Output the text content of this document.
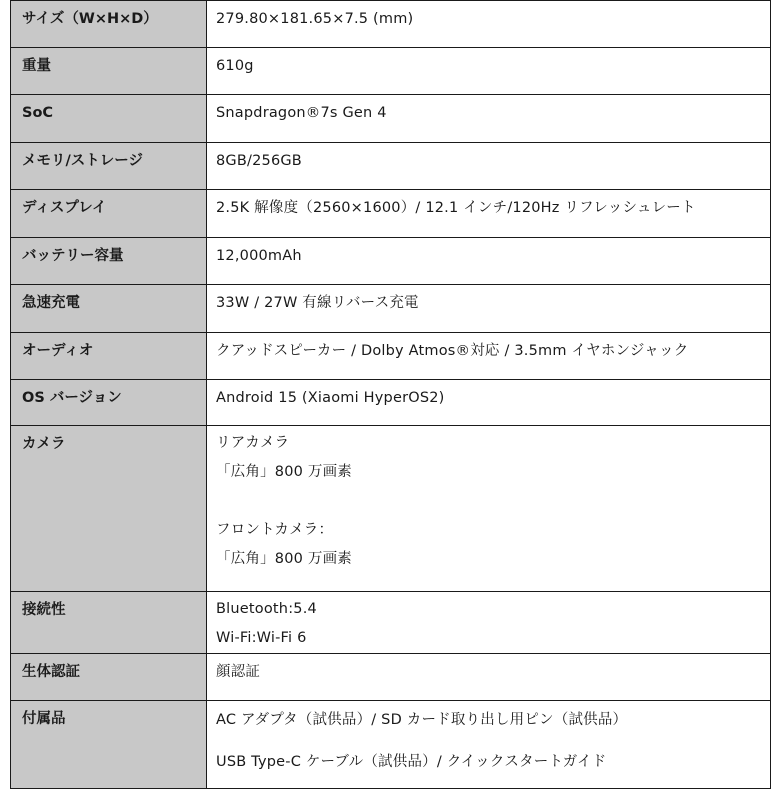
サイズ（W×H×D）	279.80×181.65×7.5 (mm)

重量	610g

SoC	Snapdragon®7s Gen 4

メモリ/ストレージ	8GB/256GB

ディスプレイ	2.5K 解像度（2560×1600）/ 12.1 インチ/120Hz リフレッシュレート

バッテリー容量	12,000mAh

急速充電	33W / 27W 有線リバース充電

オーディオ	クアッドスピーカー / Dolby Atmos®対応 / 3.5mm イヤホンジャック

OS バージョン	Android 15 (Xiaomi HyperOS2)

カメラ	リアカメラ
「広角」800 万画素
フロントカメラ：
「広角」800 万画素

接続性	Bluetooth:5.4
Wi-Fi:Wi-Fi 6

生体認証	顔認証

付属品	AC アダプタ（試供品）/ SD カード取り出し用ピン（試供品）
USB Type-C ケーブル（試供品）/ クイックスタートガイド
